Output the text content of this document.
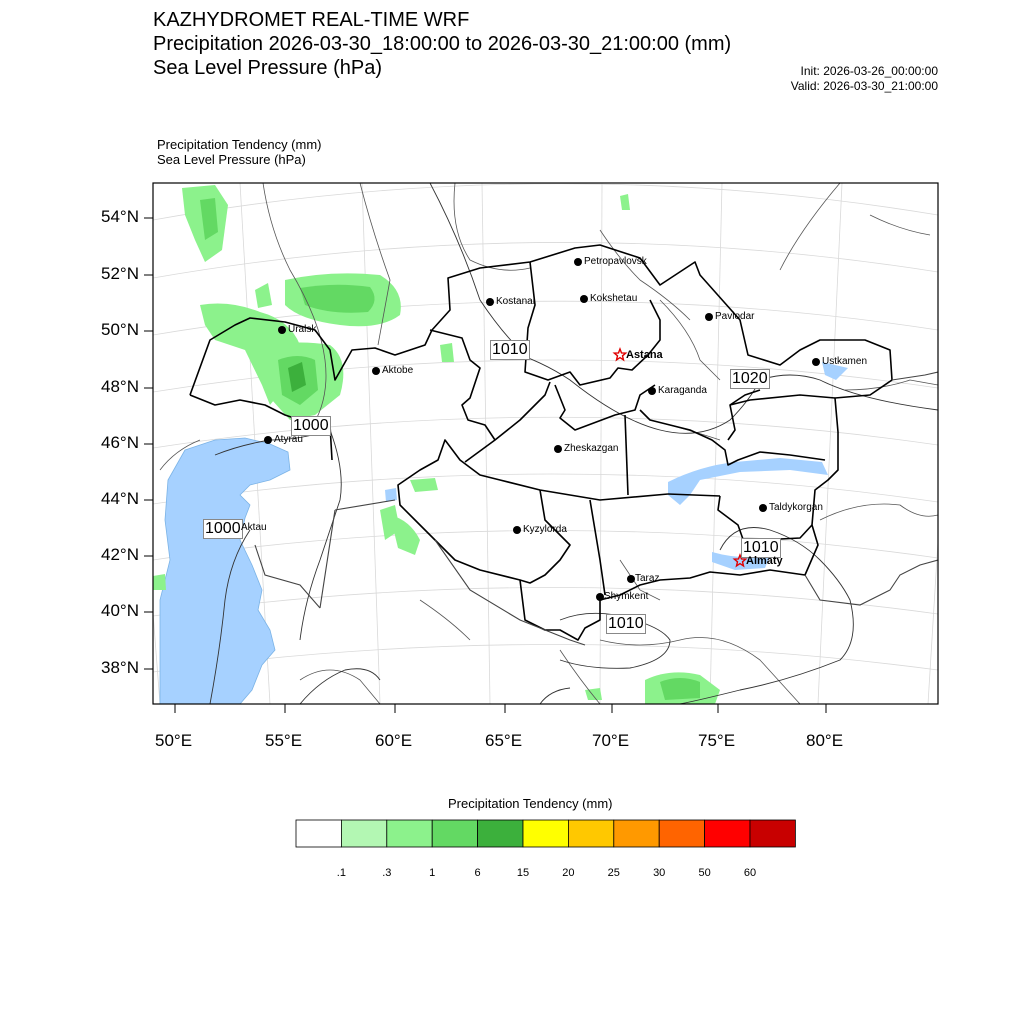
KAZHYDROMET REAL-TIME WRF
Precipitation 2026-03-30_18:00:00 to 2026-03-30_21:00:00 (mm)
Sea Level Pressure (hPa)	Init: 2026-03-26_00:00:00
Valid: 2026-03-30_21:00:00
Precipitation Tendency (mm)
Sea Level Pressure (hPa)
1010
1020
1000
1000
1010
1010
Petropavlovsk
Kostanai	Kokshetau
Pavlodar
Uralsk
Astana
Aktobe
Ustkamen
Karaganda
Atyrau
Zheskazgan
Taldykorgan
Kyzylorda
Aktau
Almaty
Taraz
Shymkent
54°N
52°N
50°N
48°N
46°N
44°N
42°N
40°N
38°N
50°E	55°E	60°E	65°E	70°E	75°E	80°E
Precipitation Tendency (mm)
.1	.3	1	6	15	20	25	30	50	60
